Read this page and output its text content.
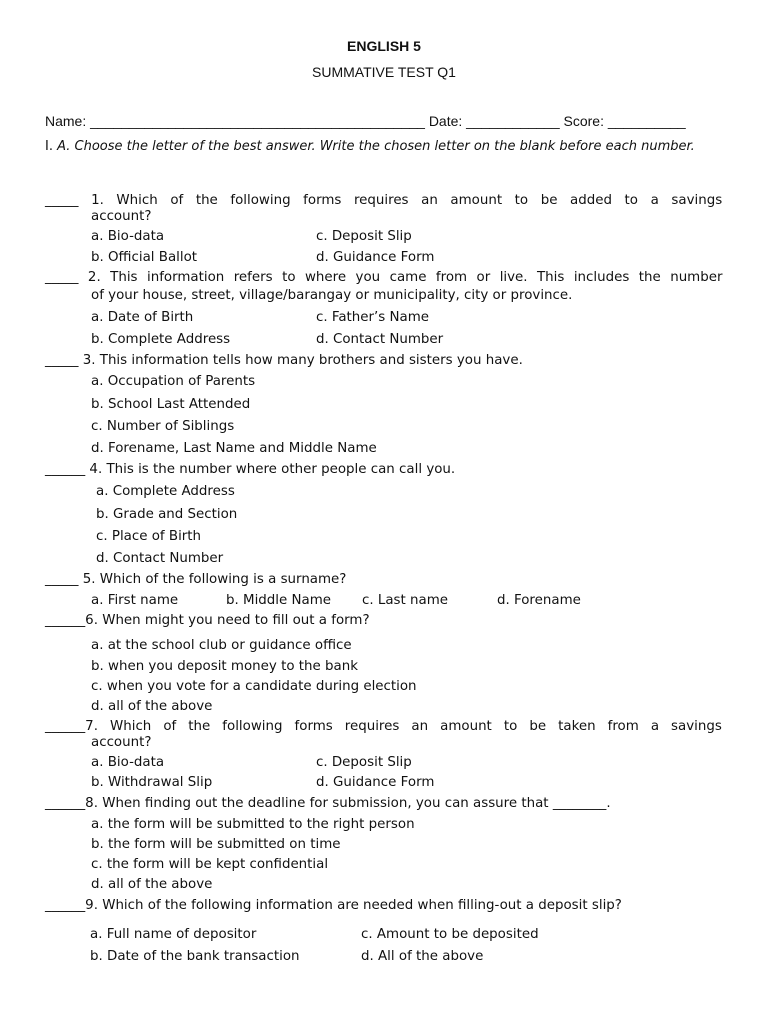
ENGLISH 5
SUMMATIVE TEST Q1
Name: ___________________________________________ Date: ____________ Score: __________
I. A. Choose the letter of the best answer. Write the chosen letter on the blank before each number.
_____ 1. Which of the following forms requires an amount to be added to a savings
account?
a. Bio-data	c. Deposit Slip
b. Official Ballot	d. Guidance Form
_____ 2. This information refers to where you came from or live. This includes the number
of your house, street, village/barangay or municipality, city or province.
a. Date of Birth	c. Father’s Name
b. Complete Address	d. Contact Number
_____ 3. This information tells how many brothers and sisters you have.
a. Occupation of Parents
b. School Last Attended
c. Number of Siblings
d. Forename, Last Name and Middle Name
______ 4. This is the number where other people can call you.
a. Complete Address
b. Grade and Section
c. Place of Birth
d. Contact Number
_____ 5. Which of the following is a surname?
a. First name	b. Middle Name c. Last name	d. Forename
______6. When might you need to fill out a form?
a. at the school club or guidance office
b. when you deposit money to the bank
c. when you vote for a candidate during election
d. all of the above
______7. Which of the following forms requires an amount to be taken from a savings
account?
a. Bio-data	c. Deposit Slip
b. Withdrawal Slip	d. Guidance Form
______8. When finding out the deadline for submission, you can assure that ________.
a. the form will be submitted to the right person
b. the form will be submitted on time
c. the form will be kept confidential
d. all of the above
______9. Which of the following information are needed when filling-out a deposit slip?
a. Full name of depositor	c. Amount to be deposited
b. Date of the bank transaction	d. All of the above
